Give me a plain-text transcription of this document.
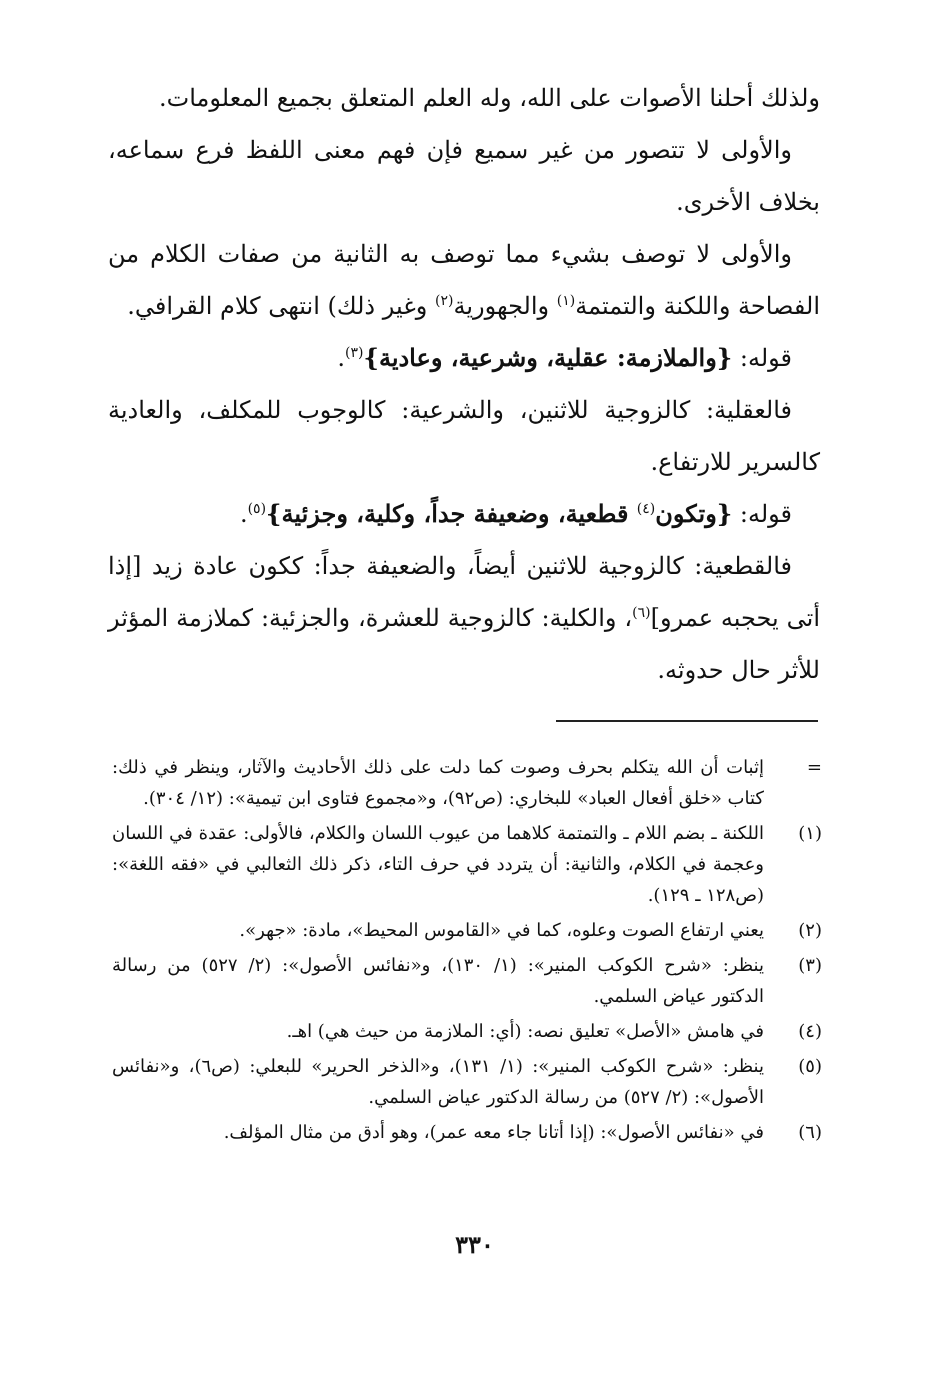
ولذلك أحلنا الأصوات على الله، وله العلم المتعلق بجميع المعلومات.

والأولى لا تتصور من غير سميع فإن فهم معنى اللفظ فرع سماعه، بخلاف الأخرى.

والأولى لا توصف بشيء مما توصف به الثانية من صفات الكلام من الفصاحة واللكنة والتمتمة$^{(١)}$ والجهورية$^{(٢)}$ وغير ذلك) انتهى كلام القرافي.

قوله: {والملازمة: عقلية، وشرعية، وعادية}$^{(٣)}$.

فالعقلية: كالزوجية للاثنين، والشرعية: كالوجوب للمكلف، والعادية كالسرير للارتفاع.

قوله: {وتكون$^{(٤)}$ قطعية، وضعيفة جداً، وكلية، وجزئية}$^{(٥)}$.

فالقطعية: كالزوجية للاثنين أيضاً، والضعيفة جداً: ككون عادة زيد [إذا أتى يحجبه عمرو]$^{(٦)}$، والكلية: كالزوجية للعشرة، والجزئية: كملازمة المؤثر للأثر حال حدوثه.

=
إثبات أن الله يتكلم بحرف وصوت كما دلت على ذلك الأحاديث والآثار، وينظر في ذلك: كتاب «خلق أفعال العباد» للبخاري: (ص٩٢)، و«مجموع فتاوى ابن تيمية»: (١٢/ ٣٠٤).
(١)
اللكنة ـ بضم اللام ـ والتمتمة كلاهما من عيوب اللسان والكلام، فالأولى: عقدة في اللسان وعجمة في الكلام، والثانية: أن يتردد في حرف التاء، ذكر ذلك الثعالبي في «فقه اللغة»: (ص١٢٨ ـ ١٢٩).
(٢)
يعني ارتفاع الصوت وعلوه، كما في «القاموس المحيط»، مادة: «جهر».
(٣)
ينظر: «شرح الكوكب المنير»: (١/ ١٣٠)، و«نفائس الأصول»: (٢/ ٥٢٧) من رسالة الدكتور عياض السلمي.
(٤)
في هامش «الأصل» تعليق نصه: (أي: الملازمة من حيث هي) اهـ.
(٥)
ينظر: «شرح الكوكب المنير»: (١/ ١٣١)، و«الذخر الحرير» للبعلي: (ص٦)، و«نفائس الأصول»: (٢/ ٥٢٧) من رسالة الدكتور عياض السلمي.
(٦)
في «نفائس الأصول»: (إذا أتانا جاء معه عمر)، وهو أدق من مثال المؤلف.
٣٣٠
